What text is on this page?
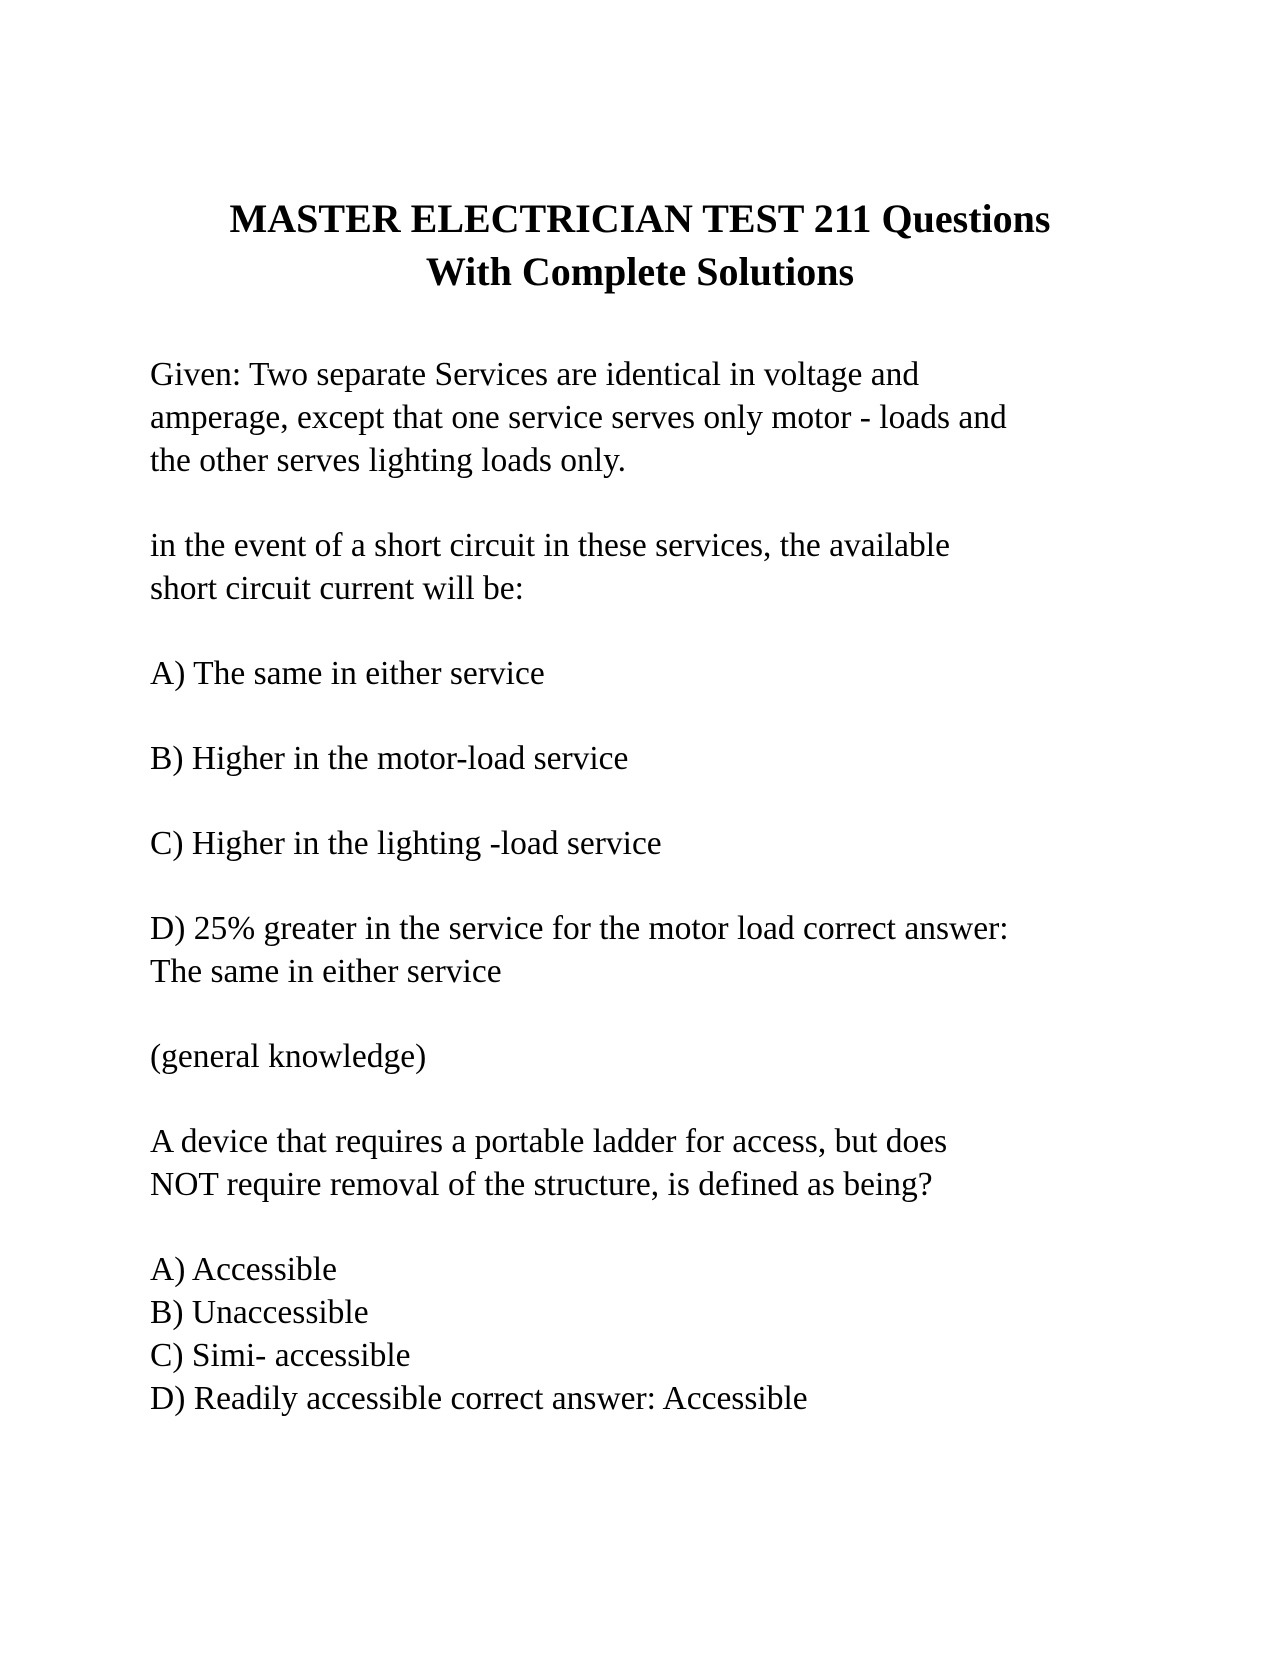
MASTER ELECTRICIAN TEST 211 Questions
With Complete Solutions

Given: Two separate Services are identical in voltage and
amperage, except that one service serves only motor - loads and
the other serves lighting loads only.

in the event of a short circuit in these services, the available
short circuit current will be:

A) The same in either service

B) Higher in the motor-load service

C) Higher in the lighting -load service

D) 25% greater in the service for the motor load correct answer:
The same in either service

(general knowledge)

A device that requires a portable ladder for access, but does
NOT require removal of the structure, is defined as being?

A) Accessible
B) Unaccessible
C) Simi- accessible
D) Readily accessible correct answer: Accessible
